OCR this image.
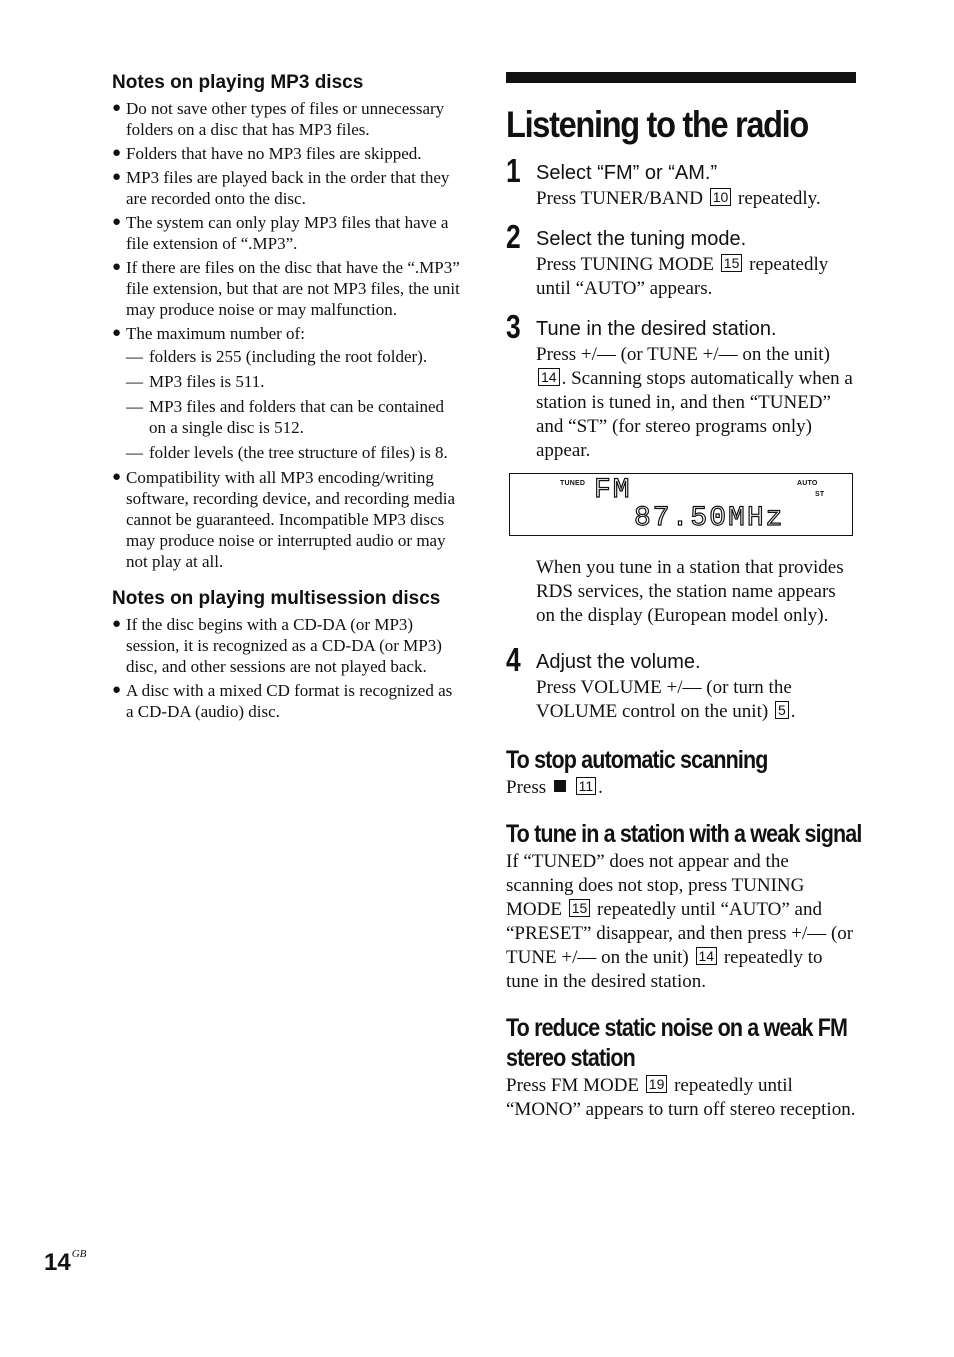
Notes on playing MP3 discs
● Do not save other types of files or unnecessary folders on a disc that has MP3 files.
● Folders that have no MP3 files are skipped.
● MP3 files are played back in the order that they are recorded onto the disc.
● The system can only play MP3 files that have a file extension of “.MP3”.
● If there are files on the disc that have the “.MP3” file extension, but that are not MP3 files, the unit may produce noise or may malfunction.
● The maximum number of:
— folders is 255 (including the root folder).
— MP3 files is 511.
— MP3 files and folders that can be contained on a single disc is 512.
— folder levels (the tree structure of files) is 8.
● Compatibility with all MP3 encoding/writing software, recording device, and recording media cannot be guaranteed. Incompatible MP3 discs may produce noise or interrupted audio or may not play at all.
Notes on playing multisession discs
● If the disc begins with a CD-DA (or MP3) session, it is recognized as a CD-DA (or MP3) disc, and other sessions are not played back.
● A disc with a mixed CD format is recognized as a CD-DA (audio) disc.
Listening to the radio
1 Select “FM” or “AM.”
Press TUNER/BAND 10 repeatedly.
2 Select the tuning mode.
Press TUNING MODE 15 repeatedly until “AUTO” appears.
3 Tune in the desired station.
Press +/— (or TUNE +/— on the unit) 14 . Scanning stops automatically when a station is tuned in, and then “TUNED” and “ST” (for stereo programs only) appear.
TUNED	AUTO
ST
FM
87.50MHz
When you tune in a station that provides RDS services, the station name appears on the display (European model only).
4 Adjust the volume.
Press VOLUME +/— (or turn the VOLUME control on the unit) 5 .
To stop automatic scanning
Press 11 .
To tune in a station with a weak signal
If “TUNED” does not appear and the scanning does not stop, press TUNING MODE 15 repeatedly until “AUTO” and “PRESET” disappear, and then press +/— (or TUNE +/— on the unit) 14 repeatedly to tune in the desired station.
To reduce static noise on a weak FM
stereo station
Press FM MODE 19 repeatedly until “MONO” appears to turn off stereo reception.
$14^{GB}$
